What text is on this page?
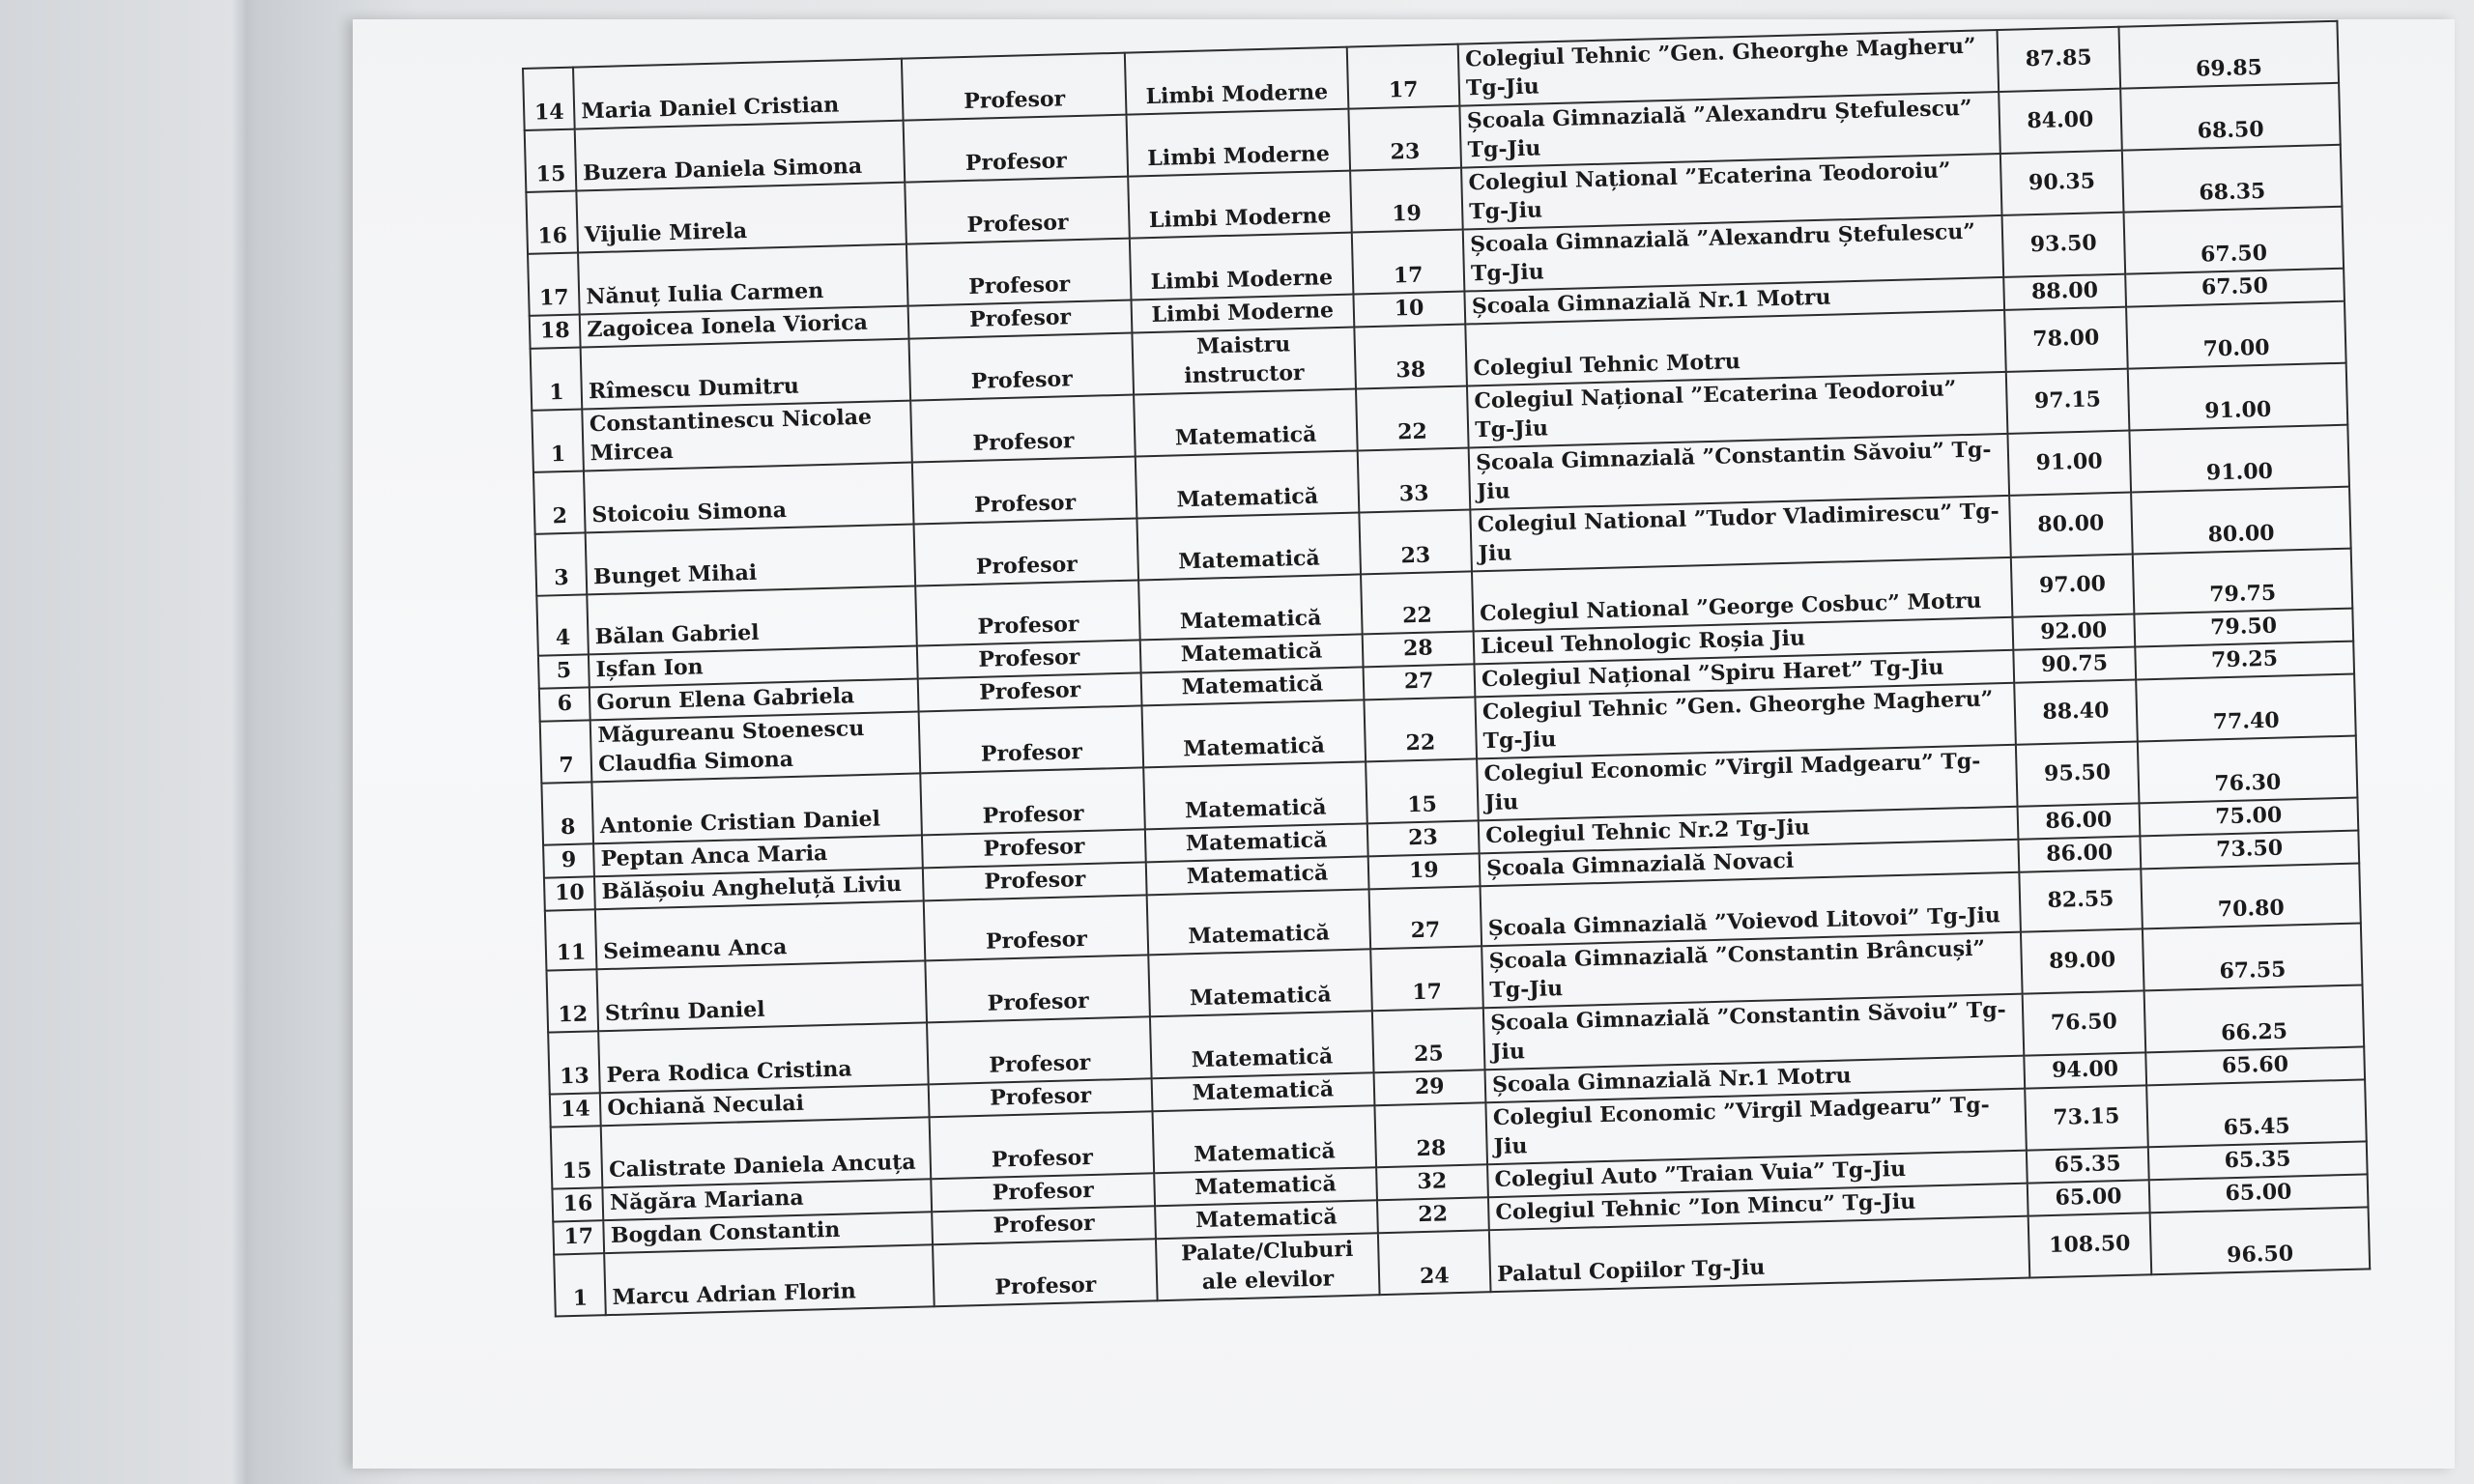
14	Maria Daniel Cristian	Profesor	Limbi Moderne	17	Colegiul Tehnic ”Gen. Gheorghe Magheru” Tg-Jiu	87.85	69.85
15	Buzera Daniela Simona	Profesor	Limbi Moderne	23	Școala Gimnazială ”Alexandru Ștefulescu” Tg-Jiu	84.00	68.50
16	Vijulie Mirela	Profesor	Limbi Moderne	19	Colegiul Național ”Ecaterina Teodoroiu” Tg-Jiu	90.35	68.35
17	Nănuț Iulia Carmen	Profesor	Limbi Moderne	17	Școala Gimnazială ”Alexandru Ștefulescu” Tg-Jiu	93.50	67.50
18	Zagoicea Ionela Viorica	Profesor	Limbi Moderne	10	Școala Gimnazială Nr.1 Motru	88.00	67.50
1	Rîmescu Dumitru	Profesor	Maistru instructor	38	Colegiul Tehnic Motru	78.00	70.00
1	Constantinescu Nicolae Mircea	Profesor	Matematică	22	Colegiul Național ”Ecaterina Teodoroiu” Tg-Jiu	97.15	91.00
2	Stoicoiu Simona	Profesor	Matematică	33	Școala Gimnazială ”Constantin Săvoiu” Tg-Jiu	91.00	91.00
3	Bunget Mihai	Profesor	Matematică	23	Colegiul National ”Tudor Vladimirescu” Tg-Jiu	80.00	80.00
4	Bălan Gabriel	Profesor	Matematică	22	Colegiul National ”George Cosbuc” Motru	97.00	79.75
5	Ișfan Ion	Profesor	Matematică	28	Liceul Tehnologic Roșia Jiu	92.00	79.50
6	Gorun Elena Gabriela	Profesor	Matematică	27	Colegiul Național ”Spiru Haret” Tg-Jiu	90.75	79.25
7	Măgureanu Stoenescu Claudfia Simona	Profesor	Matematică	22	Colegiul Tehnic ”Gen. Gheorghe Magheru” Tg-Jiu	88.40	77.40
8	Antonie Cristian Daniel	Profesor	Matematică	15	Colegiul Economic ”Virgil Madgearu” Tg-Jiu	95.50	76.30
9	Peptan Anca Maria	Profesor	Matematică	23	Colegiul Tehnic Nr.2 Tg-Jiu	86.00	75.00
10	Bălășoiu Angheluță Liviu	Profesor	Matematică	19	Școala Gimnazială Novaci	86.00	73.50
11	Seimeanu Anca	Profesor	Matematică	27	Școala Gimnazială ”Voievod Litovoi” Tg-Jiu	82.55	70.80
12	Strînu Daniel	Profesor	Matematică	17	Școala Gimnazială ”Constantin Brâncuși” Tg-Jiu	89.00	67.55
13	Pera Rodica Cristina	Profesor	Matematică	25	Școala Gimnazială ”Constantin Săvoiu” Tg-Jiu	76.50	66.25
14	Ochiană Neculai	Profesor	Matematică	29	Școala Gimnazială Nr.1 Motru	94.00	65.60
15	Calistrate Daniela Ancuța	Profesor	Matematică	28	Colegiul Economic ”Virgil Madgearu” Tg-Jiu	73.15	65.45
16	Năgăra Mariana	Profesor	Matematică	32	Colegiul Auto ”Traian Vuia” Tg-Jiu	65.35	65.35
17	Bogdan Constantin	Profesor	Matematică	22	Colegiul Tehnic ”Ion Mincu” Tg-Jiu	65.00	65.00
1	Marcu Adrian Florin	Profesor	Palate/Cluburi ale elevilor	24	Palatul Copiilor Tg-Jiu	108.50	96.50
